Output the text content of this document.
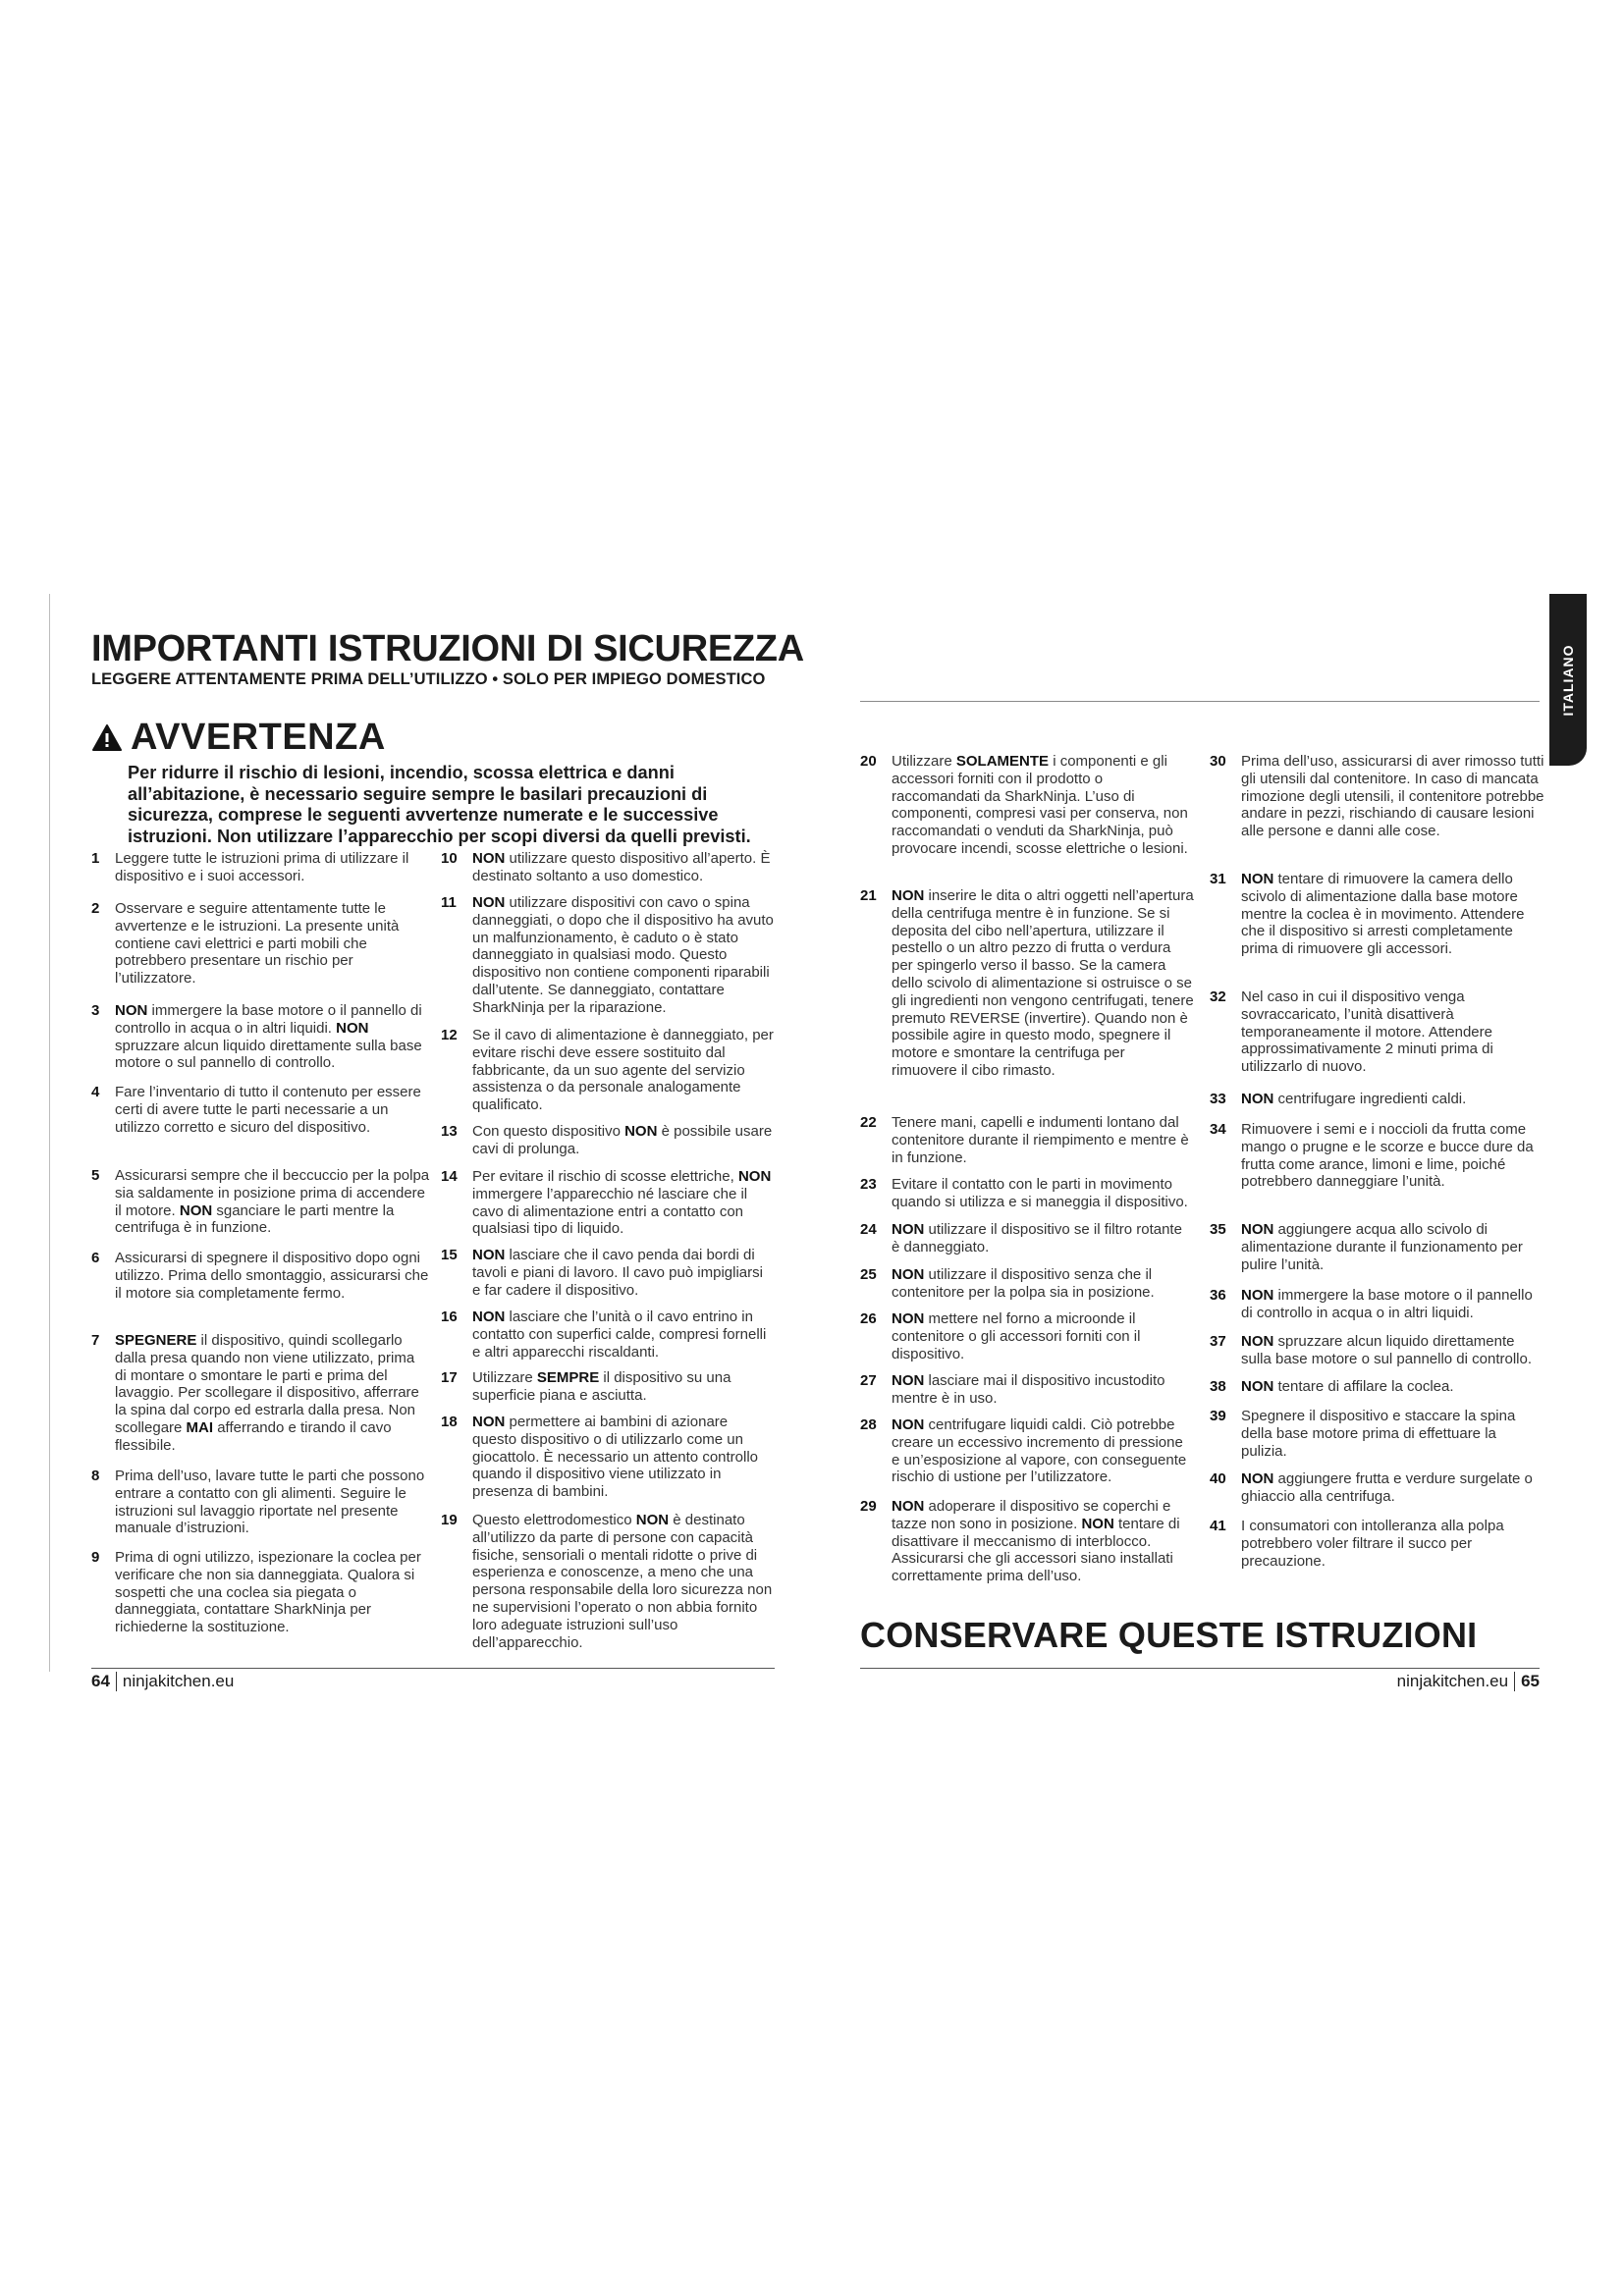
IMPORTANTI ISTRUZIONI DI SICUREZZA
LEGGERE ATTENTAMENTE PRIMA DELL’UTILIZZO • SOLO PER IMPIEGO DOMESTICO	ITALIANO
AVVERTENZA
Per ridurre il rischio di lesioni, incendio, scossa elettrica e danni all’abitazione, è necessario seguire sempre le basilari precauzioni di sicurezza, comprese le seguenti avvertenze numerate e le successive istruzioni. Non utilizzare l’apparecchio per scopi diversi da quelli previsti.
1 Leggere tutte le istruzioni prima di utilizzare il dispositivo e i suoi accessori.
2 Osservare e seguire attentamente tutte le avvertenze e le istruzioni. La presente unità contiene cavi elettrici e parti mobili che potrebbero presentare un rischio per l’utilizzatore.
3 NON immergere la base motore o il pannello di controllo in acqua o in altri liquidi. NON spruzzare alcun liquido direttamente sulla base motore o sul pannello di controllo.
4 Fare l’inventario di tutto il contenuto per essere certi di avere tutte le parti necessarie a un utilizzo corretto e sicuro del dispositivo.
5 Assicurarsi sempre che il beccuccio per la polpa sia saldamente in posizione prima di accendere il motore. NON sganciare le parti mentre la centrifuga è in funzione.
6 Assicurarsi di spegnere il dispositivo dopo ogni utilizzo. Prima dello smontaggio, assicurarsi che il motore sia completamente fermo.
7 SPEGNERE il dispositivo, quindi scollegarlo dalla presa quando non viene utilizzato, prima di montare o smontare le parti e prima del lavaggio. Per scollegare il dispositivo, afferrare la spina dal corpo ed estrarla dalla presa. Non scollegare MAI afferrando e tirando il cavo flessibile.
8 Prima dell’uso, lavare tutte le parti che possono entrare a contatto con gli alimenti. Seguire le istruzioni sul lavaggio riportate nel presente manuale d’istruzioni.
9 Prima di ogni utilizzo, ispezionare la coclea per verificare che non sia danneggiata. Qualora si sospetti che una coclea sia piegata o danneggiata, contattare SharkNinja per richiederne la sostituzione.
10 NON utilizzare questo dispositivo all’aperto. È destinato soltanto a uso domestico.
11 NON utilizzare dispositivi con cavo o spina danneggiati, o dopo che il dispositivo ha avuto un malfunzionamento, è caduto o è stato danneggiato in qualsiasi modo. Questo dispositivo non contiene componenti riparabili dall’utente. Se danneggiato, contattare SharkNinja per la riparazione.
12 Se il cavo di alimentazione è danneggiato, per evitare rischi deve essere sostituito dal fabbricante, da un suo agente del servizio assistenza o da personale analogamente qualificato.
13 Con questo dispositivo NON è possibile usare cavi di prolunga.
14 Per evitare il rischio di scosse elettriche, NON immergere l’apparecchio né lasciare che il cavo di alimentazione entri a contatto con qualsiasi tipo di liquido.
15 NON lasciare che il cavo penda dai bordi di tavoli e piani di lavoro. Il cavo può impigliarsi e far cadere il dispositivo.
16 NON lasciare che l’unità o il cavo entrino in contatto con superfici calde, compresi fornelli e altri apparecchi riscaldanti.
17 Utilizzare SEMPRE il dispositivo su una superficie piana e asciutta.
18 NON permettere ai bambini di azionare questo dispositivo o di utilizzarlo come un giocattolo. È necessario un attento controllo quando il dispositivo viene utilizzato in presenza di bambini.
19 Questo elettrodomestico NON è destinato all’utilizzo da parte di persone con capacità fisiche, sensoriali o mentali ridotte o prive di esperienza e conoscenze, a meno che una persona responsabile della loro sicurezza non ne supervisioni l’operato o non abbia fornito loro adeguate istruzioni sull’uso dell’apparecchio.
20 Utilizzare SOLAMENTE i componenti e gli accessori forniti con il prodotto o raccomandati da SharkNinja. L’uso di componenti, compresi vasi per conserva, non raccomandati o venduti da SharkNinja, può provocare incendi, scosse elettriche o lesioni.
21 NON inserire le dita o altri oggetti nell’apertura della centrifuga mentre è in funzione. Se si deposita del cibo nell’apertura, utilizzare il pestello o un altro pezzo di frutta o verdura per spingerlo verso il basso. Se la camera dello scivolo di alimentazione si ostruisce o se gli ingredienti non vengono centrifugati, tenere premuto REVERSE (invertire). Quando non è possibile agire in questo modo, spegnere il motore e smontare la centrifuga per rimuovere il cibo rimasto.
22 Tenere mani, capelli e indumenti lontano dal contenitore durante il riempimento e mentre è in funzione.
23 Evitare il contatto con le parti in movimento quando si utilizza e si maneggia il dispositivo.
24 NON utilizzare il dispositivo se il filtro rotante è danneggiato.
25 NON utilizzare il dispositivo senza che il contenitore per la polpa sia in posizione.
26 NON mettere nel forno a microonde il contenitore o gli accessori forniti con il dispositivo.
27 NON lasciare mai il dispositivo incustodito mentre è in uso.
28 NON centrifugare liquidi caldi. Ciò potrebbe creare un eccessivo incremento di pressione e un’esposizione al vapore, con conseguente rischio di ustione per l’utilizzatore.
29 NON adoperare il dispositivo se coperchi e tazze non sono in posizione. NON tentare di disattivare il meccanismo di interblocco. Assicurarsi che gli accessori siano installati correttamente prima dell’uso.
30 Prima dell’uso, assicurarsi di aver rimosso tutti gli utensili dal contenitore. In caso di mancata rimozione degli utensili, il contenitore potrebbe andare in pezzi, rischiando di causare lesioni alle persone e danni alle cose.
31 NON tentare di rimuovere la camera dello scivolo di alimentazione dalla base motore mentre la coclea è in movimento. Attendere che il dispositivo si arresti completamente prima di rimuovere gli accessori.
32 Nel caso in cui il dispositivo venga sovraccaricato, l’unità disattiverà temporaneamente il motore. Attendere approssimativamente 2 minuti prima di utilizzarlo di nuovo.
33 NON centrifugare ingredienti caldi.
34 Rimuovere i semi e i noccioli da frutta come mango o prugne e le scorze e bucce dure da frutta come arance, limoni e lime, poiché potrebbero danneggiare l’unità.
35 NON aggiungere acqua allo scivolo di alimentazione durante il funzionamento per pulire l’unità.
36 NON immergere la base motore o il pannello di controllo in acqua o in altri liquidi.
37 NON spruzzare alcun liquido direttamente sulla base motore o sul pannello di controllo.
38 NON tentare di affilare la coclea.
39 Spegnere il dispositivo e staccare la spina della base motore prima di effettuare la pulizia.
40 NON aggiungere frutta e verdure surgelate o ghiaccio alla centrifuga.
41 I consumatori con intolleranza alla polpa potrebbero voler filtrare il succo per precauzione.
CONSERVARE QUESTE ISTRUZIONI
64 ninjakitchen.eu	ninjakitchen.eu 65
